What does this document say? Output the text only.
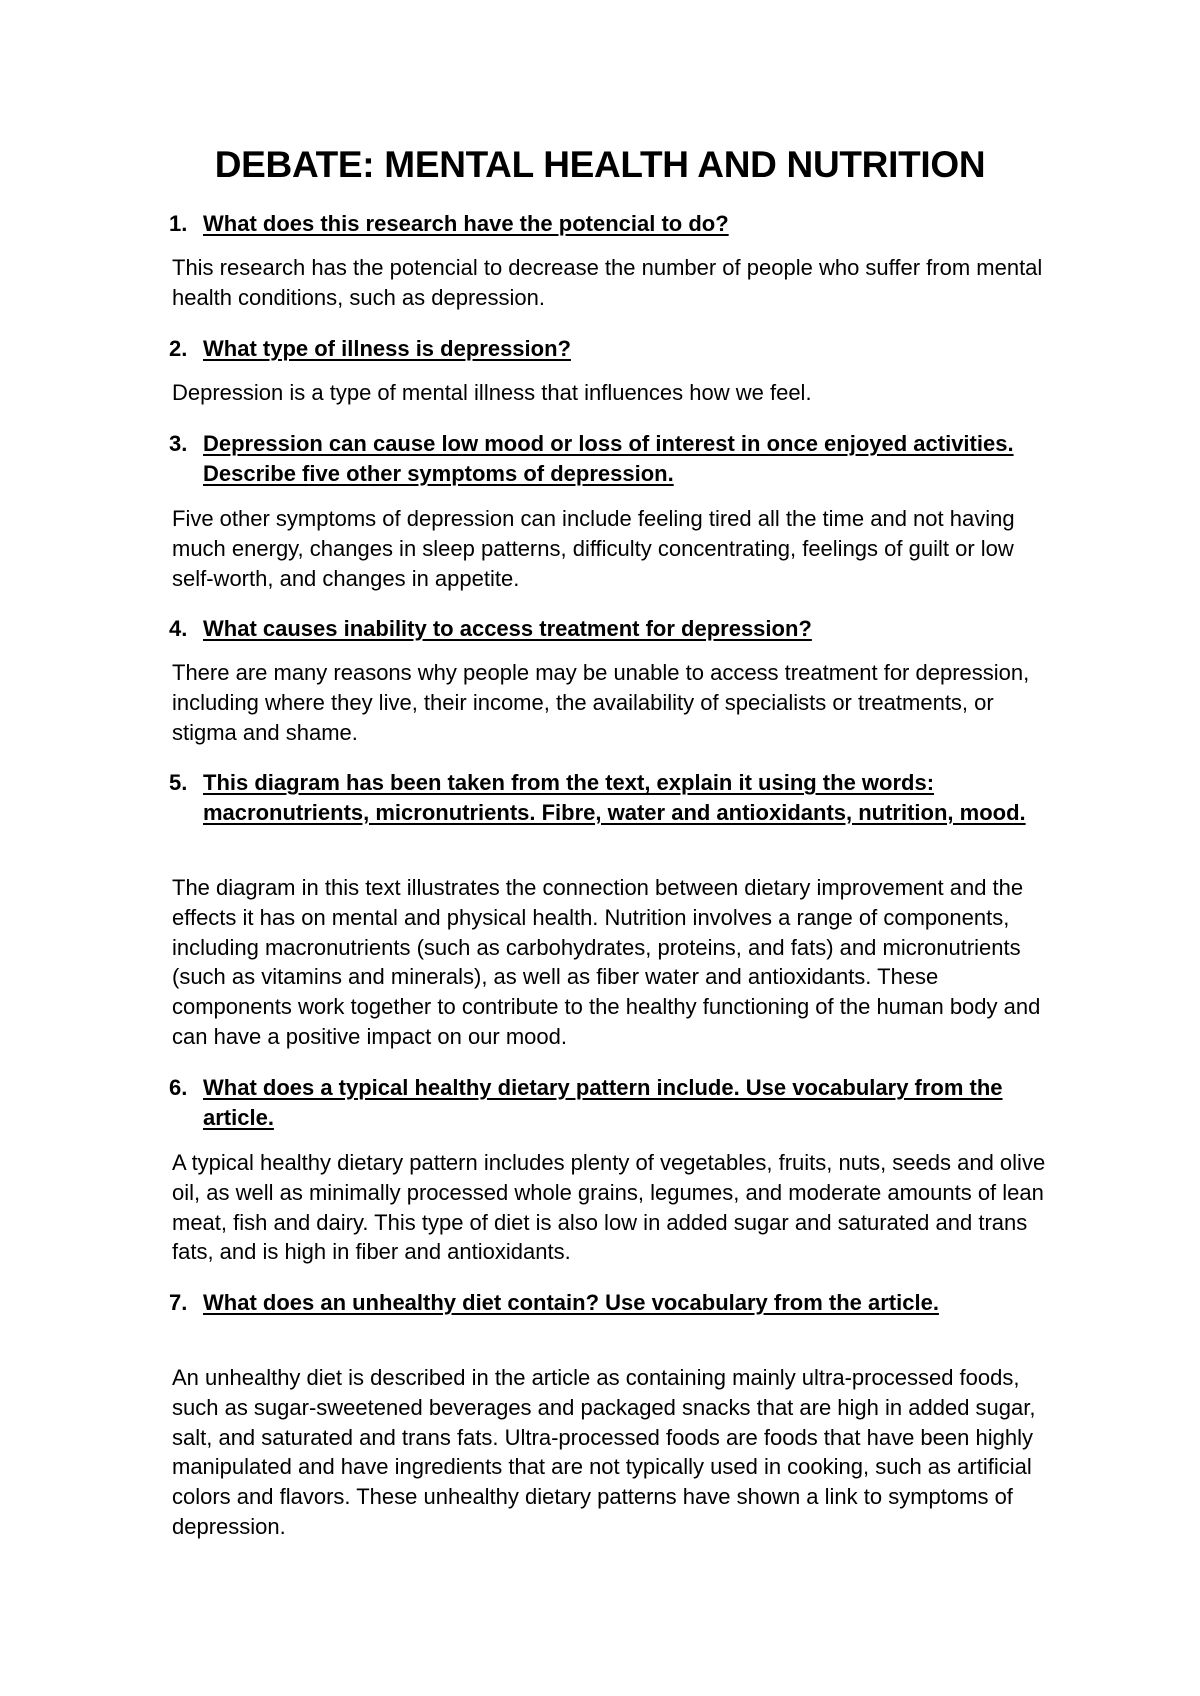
DEBATE: MENTAL HEALTH AND NUTRITION

1. What does this research have the potencial to do?

This research has the potencial to decrease the number of people who suffer from mental health conditions, such as depression.

2. What type of illness is depression?

Depression is a type of mental illness that influences how we feel.

3. Depression can cause low mood or loss of interest in once enjoyed activities. Describe five other symptoms of depression.

Five other symptoms of depression can include feeling tired all the time and not having much energy, changes in sleep patterns, difficulty concentrating, feelings of guilt or low self-worth, and changes in appetite.

4. What causes inability to access treatment for depression?

There are many reasons why people may be unable to access treatment for depression, including where they live, their income, the availability of specialists or treatments, or stigma and shame.

5. This diagram has been taken from the text, explain it using the words: macronutrients, micronutrients. Fibre, water and antioxidants, nutrition, mood.

The diagram in this text illustrates the connection between dietary improvement and the effects it has on mental and physical health. Nutrition involves a range of components, including macronutrients (such as carbohydrates, proteins, and fats) and micronutrients (such as vitamins and minerals), as well as fiber water and antioxidants. These components work together to contribute to the healthy functioning of the human body and can have a positive impact on our mood.

6. What does a typical healthy dietary pattern include. Use vocabulary from the article.

A typical healthy dietary pattern includes plenty of vegetables, fruits, nuts, seeds and olive oil, as well as minimally processed whole grains, legumes, and moderate amounts of lean meat, fish and dairy. This type of diet is also low in added sugar and saturated and trans fats, and is high in fiber and antioxidants.

7. What does an unhealthy diet contain? Use vocabulary from the article.

An unhealthy diet is described in the article as containing mainly ultra-processed foods, such as sugar-sweetened beverages and packaged snacks that are high in added sugar, salt, and saturated and trans fats. Ultra-processed foods are foods that have been highly manipulated and have ingredients that are not typically used in cooking, such as artificial colors and flavors. These unhealthy dietary patterns have shown a link to symptoms of depression.
